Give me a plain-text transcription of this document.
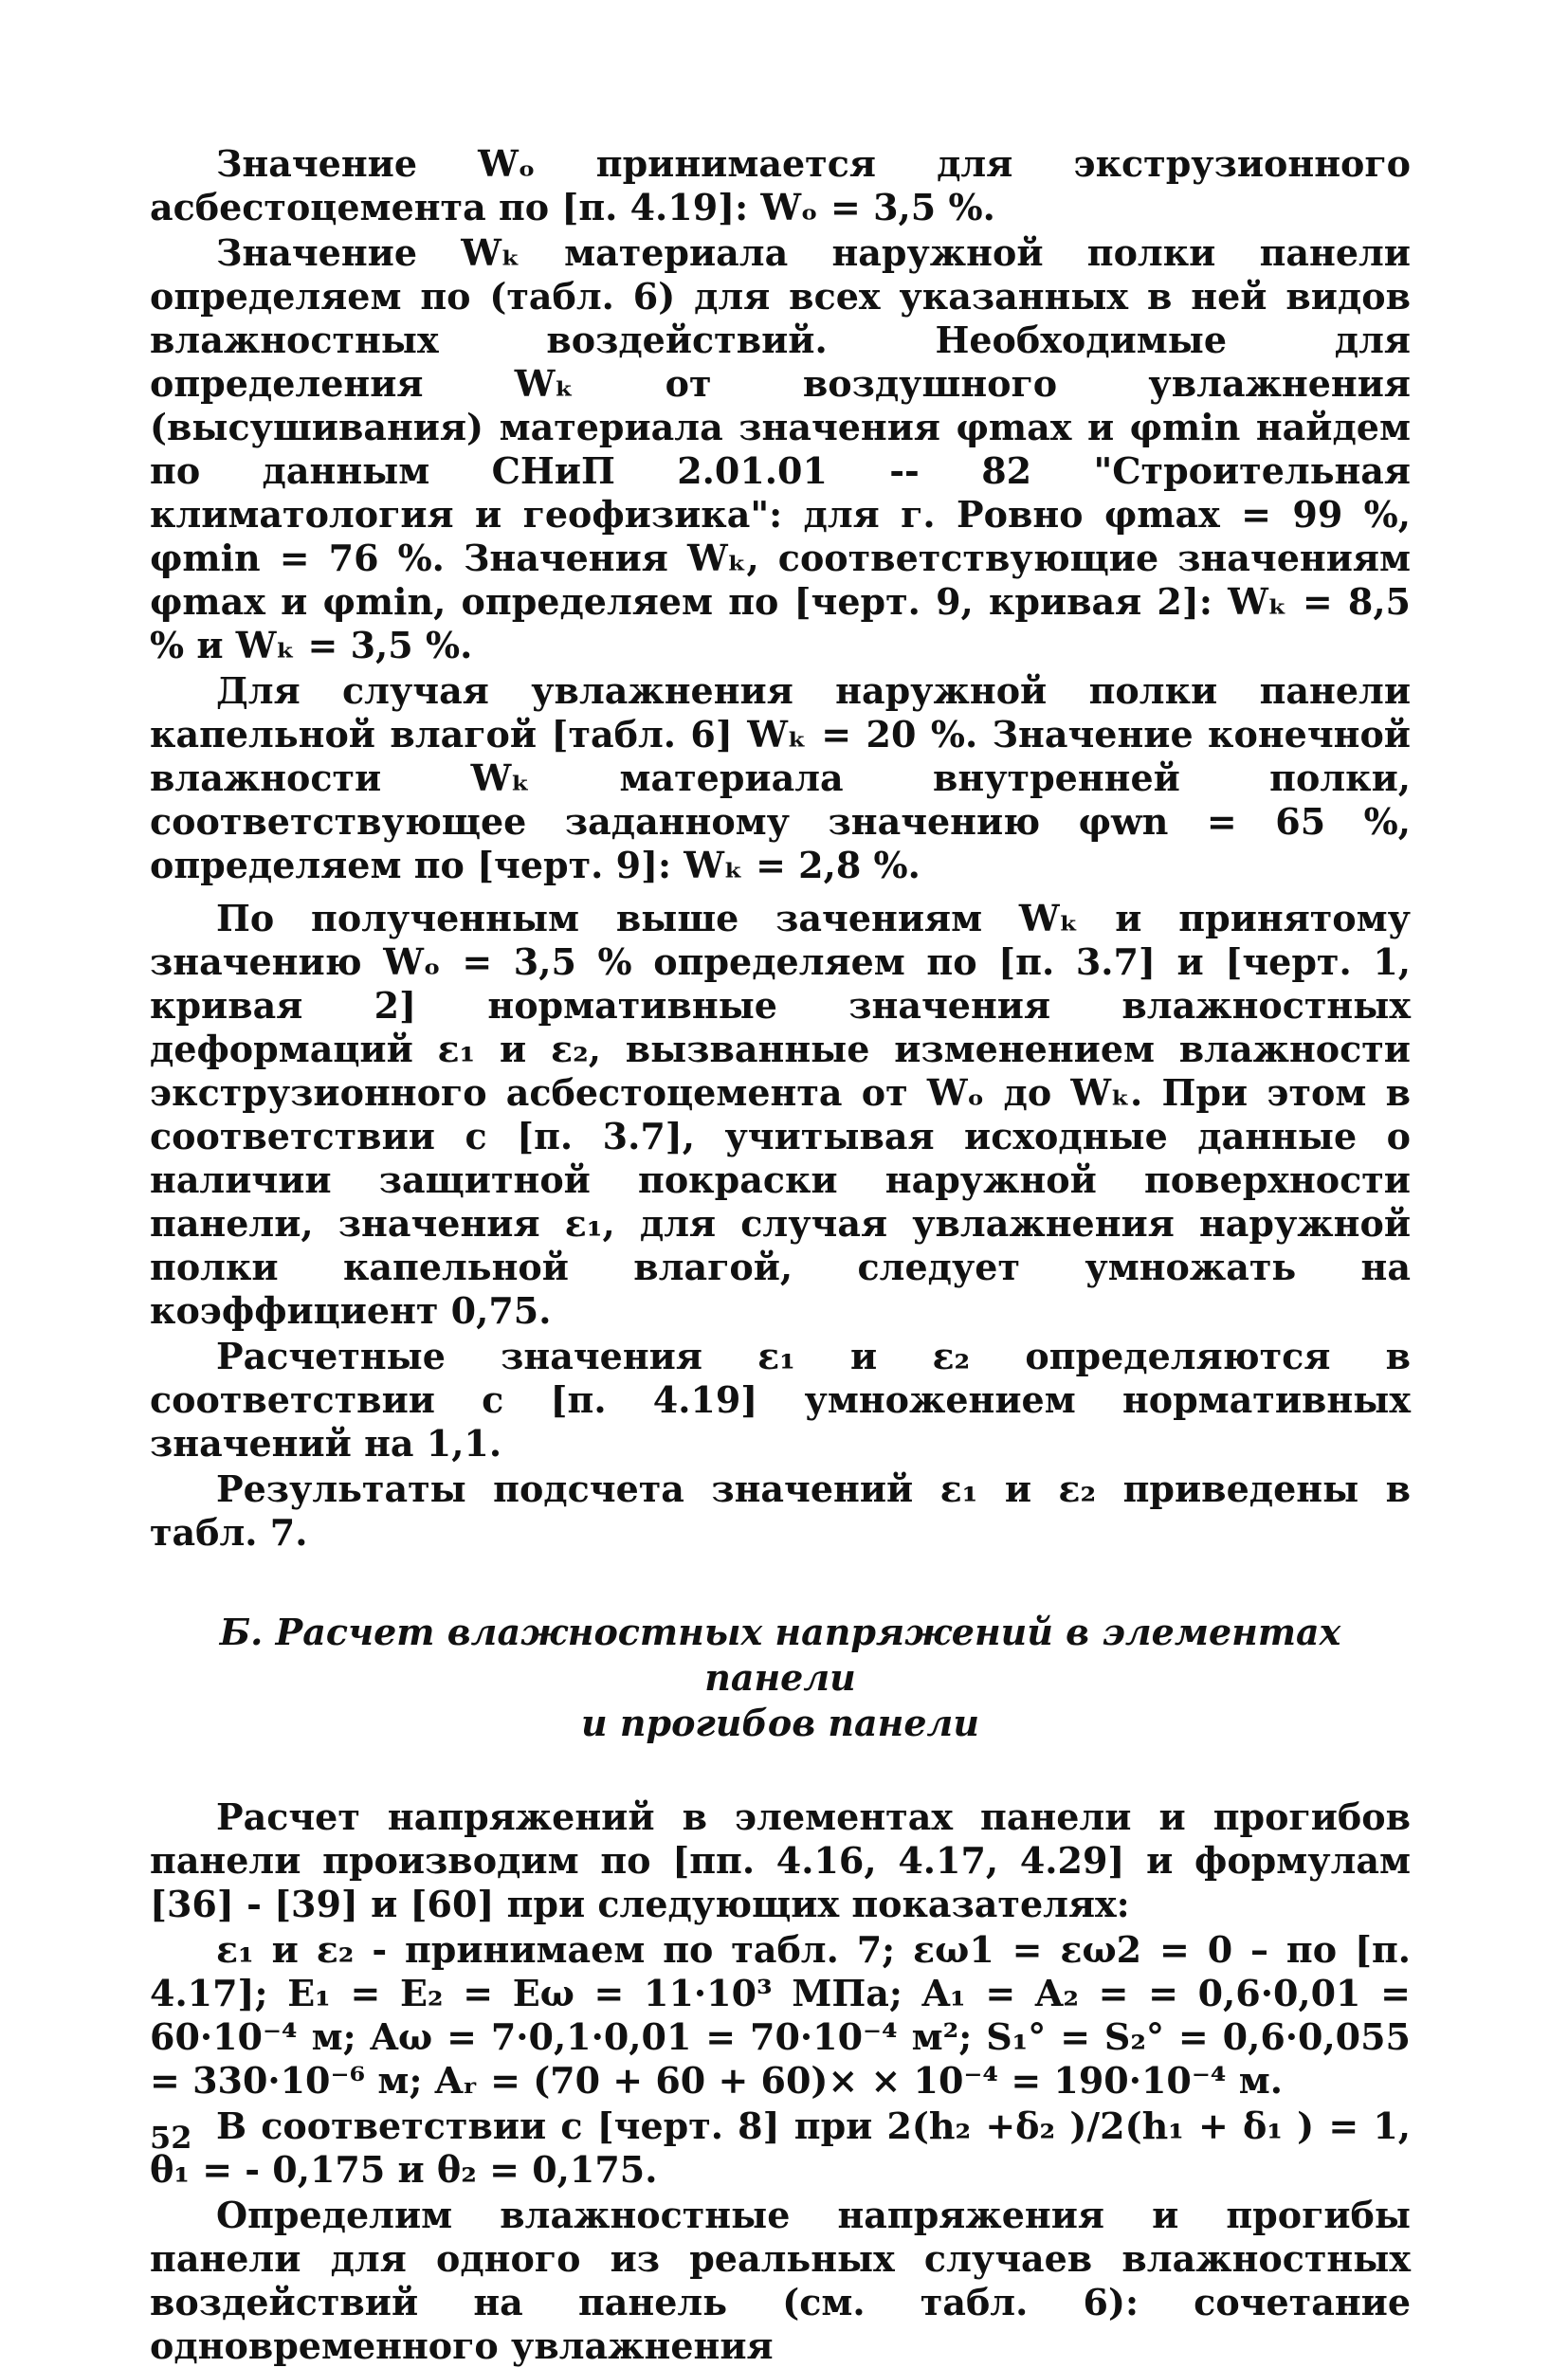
Значение Wₒ принимается для экструзионного асбестоцемента по [п. 4.19]: Wₒ = 3,5 %.

Значение Wₖ материала наружной полки панели определяем по (табл. 6) для всех указанных в ней видов влажностных воздействий. Необходимые для определения Wₖ от воздушного увлажнения (высушивания) материала значения φmax и φmin найдем по данным СНиП 2.01.01 -- 82 "Строительная климатология и геофизика": для г. Ровно φmax = 99 %, φmin = 76 %. Значения Wₖ, соответствующие значениям φmax и φmin, определяем по [черт. 9, кривая 2]: Wₖ = 8,5 % и Wₖ = 3,5 %.

Для случая увлажнения наружной полки панели капельной влагой [табл. 6] Wₖ = 20 %. Значение конечной влажности Wₖ материала внутренней полки, соответствующее заданному значению φwn = 65 %, определяем по [черт. 9]: Wₖ = 2,8 %.

По полученным выше зачениям Wₖ и принятому значению Wₒ = 3,5 % определяем по [п. 3.7] и [черт. 1, кривая 2] нормативные значения влажностных деформаций ε₁ и ε₂, вызванные изменением влажности экструзионного асбестоцемента от Wₒ до Wₖ. При этом в соответствии с [п. 3.7], учитывая исходные данные о наличии защитной покраски наружной поверхности панели, значения ε₁, для случая увлажнения наружной полки капельной влагой, следует умножать на коэффициент 0,75.

Расчетные значения ε₁ и ε₂ определяются в соответствии с [п. 4.19] умножением нормативных значений на 1,1.

Результаты подсчета значений ε₁ и ε₂ приведены в табл. 7.

Б. Расчет влажностных напряжений в элементах панели
и прогибов панели

Расчет напряжений в элементах панели и прогибов панели производим по [пп. 4.16, 4.17, 4.29] и формулам [36] - [39] и [60] при следующих показателях:

ε₁ и ε₂ - принимаем по табл. 7; εω1 = εω2 = 0 – по [п. 4.17]; E₁ = E₂ = Eω = 11·10³ МПа; A₁ = A₂ = = 0,6·0,01 = 60·10⁻⁴ м; Aω = 7·0,1·0,01 = 70·10⁻⁴ м²; S₁° = S₂° = 0,6·0,055 = 330·10⁻⁶ м; Aᵣ = (70 + 60 + 60)× × 10⁻⁴ = 190·10⁻⁴ м.

В соответствии с [черт. 8] при 2(h₂ +δ₂ )/2(h₁ + δ₁ ) = 1, θ₁ = - 0,175 и θ₂ = 0,175.

Определим влажностные напряжения и прогибы панели для одного из реальных случаев влажностных воздействий на панель (см. табл. 6): сочетание одновременного увлажнения

52
